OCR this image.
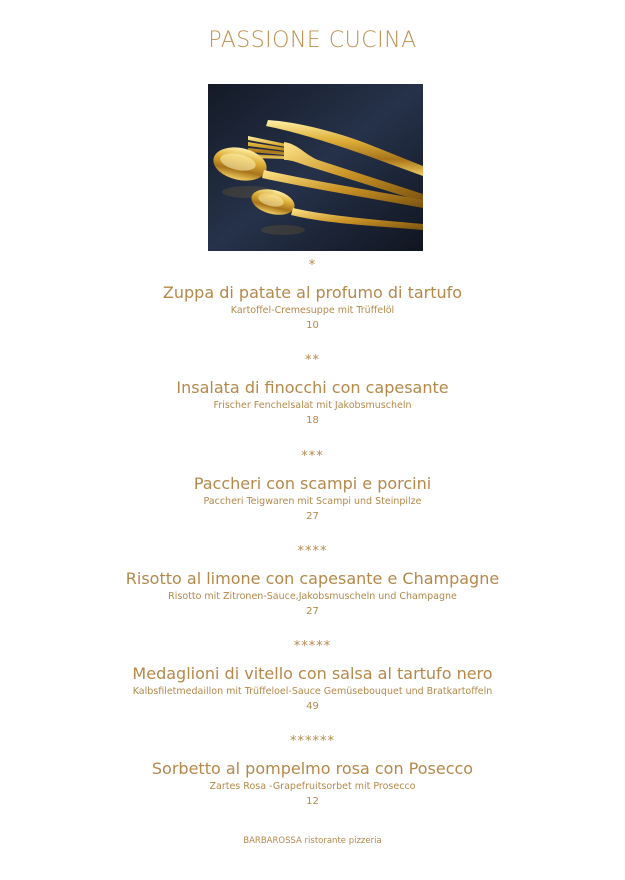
PASSIONE CUCINA
*
Zuppa di patate al profumo di tartufo
Kartoffel-Cremesuppe mit Trüffelöl
10
**
Insalata di finocchi con capesante
Frischer Fenchelsalat mit Jakobsmuscheln
18
***
Paccheri con scampi e porcini
Paccheri Teigwaren mit Scampi und Steinpilze
27
****
Risotto al limone con capesante e Champagne
Risotto mit Zitronen-Sauce,Jakobsmuscheln und Champagne
27
*****
Medaglioni di vitello con salsa al tartufo nero
Kalbsfiletmedaillon mit Trüffeloel-Sauce Gemüsebouquet und Bratkartoffeln
49
******
Sorbetto al pompelmo rosa con Posecco
Zartes Rosa -Grapefruitsorbet mit Prosecco
12
BARBAROSSA ristorante pizzeria
